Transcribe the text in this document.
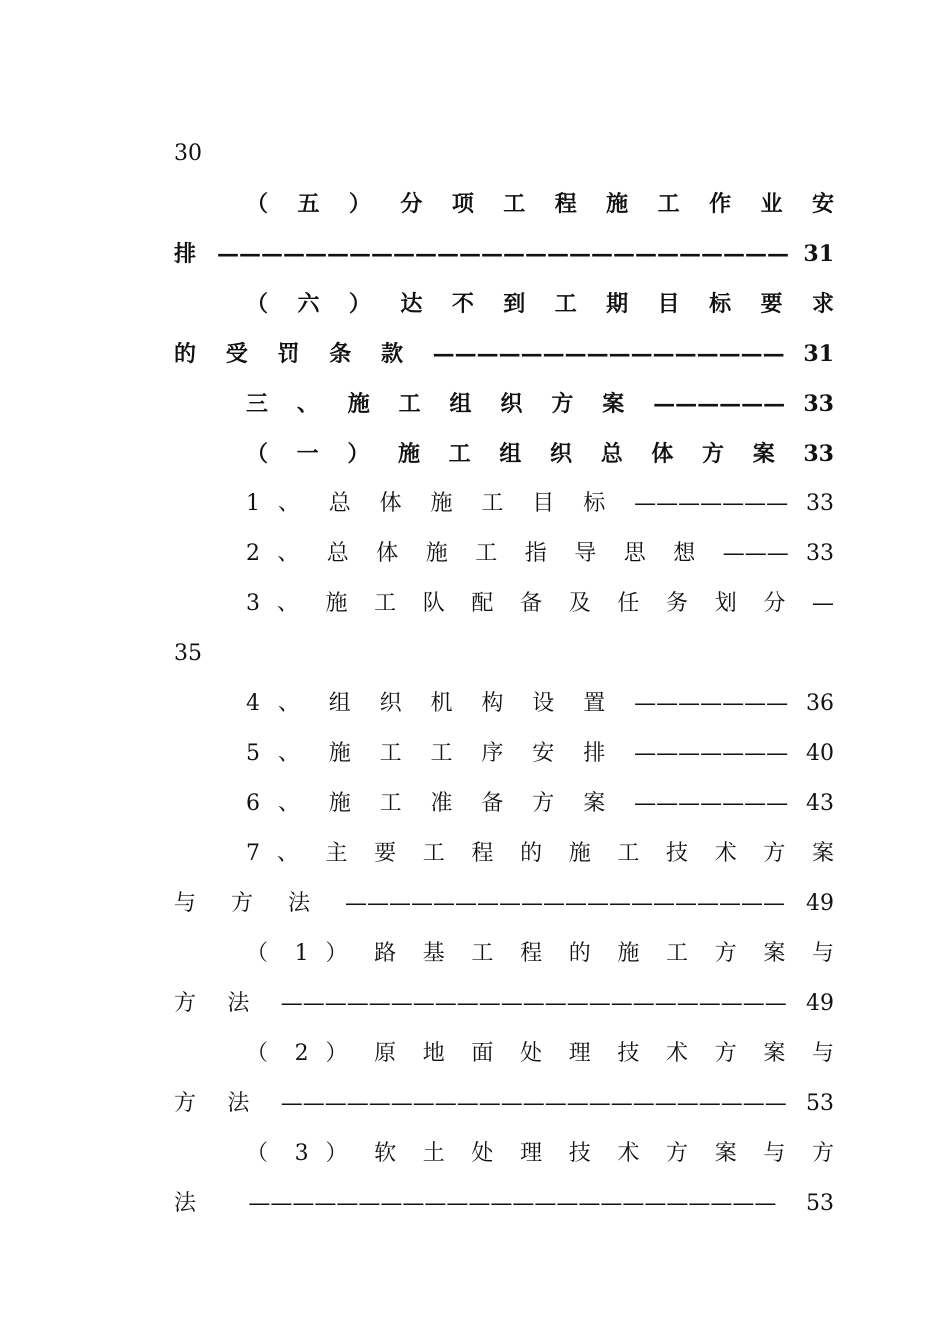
30
（ 五 ） 分 项 工 程 施 工 作 业 安
排 —————————————————————————— 31
（ 六 ） 达 不 到 工 期 目 标 要 求
的 受 罚 条 款 ———————————————— 31
三 、 施 工 组 织 方 案 —————— 33
（ 一 ） 施 工 组 织 总 体 方 案 33
1 、 总 体 施 工 目 标 ——————— 33
2 、 总 体 施 工 指 导 思 想 ——— 33
3 、 施 工 队 配 备 及 任 务 划 分 —
35
4 、 组 织 机 构 设 置 ——————— 36
5 、 施 工 工 序 安 排 ——————— 40
6 、 施 工 准 备 方 案 ——————— 43
7 、 主 要 工 程 的 施 工 技 术 方 案
与 方 法 ———————————————————— 49
（ 1 ） 路 基 工 程 的 施 工 方 案 与
方 法 ——————————————————————— 49
（ 2 ） 原 地 面 处 理 技 术 方 案 与
方 法 ——————————————————————— 53
（ 3 ） 软 土 处 理 技 术 方 案 与 方
法 ———————————————————————— 53
